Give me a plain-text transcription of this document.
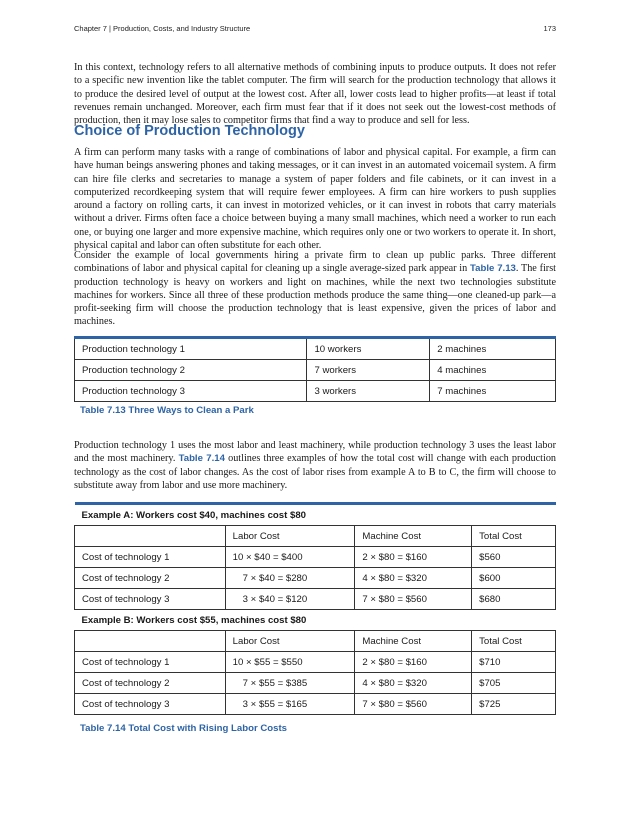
Chapter 7 | Production, Costs, and Industry Structure	173

In this context, technology refers to all alternative methods of combining inputs to produce outputs. It does not refer to a specific new invention like the tablet computer. The firm will search for the production technology that allows it to produce the desired level of output at the lowest cost. After all, lower costs lead to higher profits—at least if total revenues remain unchanged. Moreover, each firm must fear that if it does not seek out the lowest-cost methods of production, then it may lose sales to competitor firms that find a way to produce and sell for less.

Choice of Production Technology

A firm can perform many tasks with a range of combinations of labor and physical capital. For example, a firm can have human beings answering phones and taking messages, or it can invest in an automated voicemail system. A firm can hire file clerks and secretaries to manage a system of paper folders and file cabinets, or it can invest in a computerized recordkeeping system that will require fewer employees. A firm can hire workers to push supplies around a factory on rolling carts, it can invest in motorized vehicles, or it can invest in robots that carry materials without a driver. Firms often face a choice between buying a many small machines, which need a worker to run each one, or buying one larger and more expensive machine, which requires only one or two workers to operate it. In short, physical capital and labor can often substitute for each other.

Consider the example of local governments hiring a private firm to clean up public parks. Three different combinations of labor and physical capital for cleaning up a single average-sized park appear in Table 7.13. The first production technology is heavy on workers and light on machines, while the next two technologies substitute machines for workers. Since all three of these production methods produce the same thing—one cleaned-up park—a profit-seeking firm will choose the production technology that is least expensive, given the prices of labor and machines.

Production technology 1	10 workers	2 machines
Production technology 2	7 workers	4 machines
Production technology 3	3 workers	7 machines

Table 7.13 Three Ways to Clean a Park

Production technology 1 uses the most labor and least machinery, while production technology 3 uses the least labor and the most machinery. Table 7.14 outlines three examples of how the total cost will change with each production technology as the cost of labor changes. As the cost of labor rises from example A to B to C, the firm will choose to substitute away from labor and use more machinery.

Example A: Workers cost $40, machines cost $80			
	Labor Cost	Machine Cost	Total Cost
Cost of technology 1	10 × $40 = $400	2 × $80 = $160	$560
Cost of technology 2	7 × $40 = $280	4 × $80 = $320	$600
Cost of technology 3	3 × $40 = $120	7 × $80 = $560	$680
Example B: Workers cost $55, machines cost $80			
	Labor Cost	Machine Cost	Total Cost
Cost of technology 1	10 × $55 = $550	2 × $80 = $160	$710
Cost of technology 2	7 × $55 = $385	4 × $80 = $320	$705
Cost of technology 3	3 × $55 = $165	7 × $80 = $560	$725

Table 7.14 Total Cost with Rising Labor Costs
